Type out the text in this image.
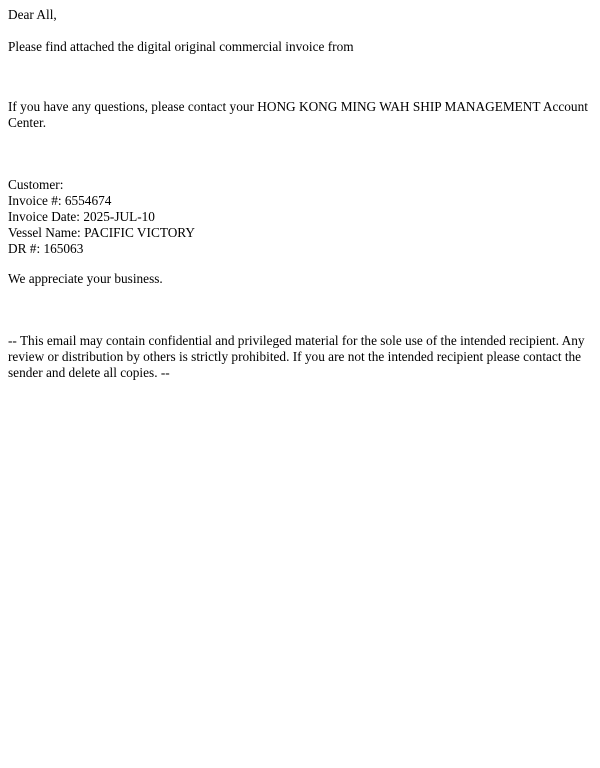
Dear All,

Please find attached the digital original commercial invoice from

If you have any questions, please contact your HONG KONG MING WAH SHIP MANAGEMENT Account Center.

Customer:
Invoice #: 6554674
Invoice Date: 2025-JUL-10
Vessel Name: PACIFIC VICTORY
DR #: 165063

We appreciate your business.

-- This email may contain confidential and privileged material for the sole use of the intended recipient. Any review or distribution by others is strictly prohibited. If you are not the intended recipient please contact the sender and delete all copies. --
